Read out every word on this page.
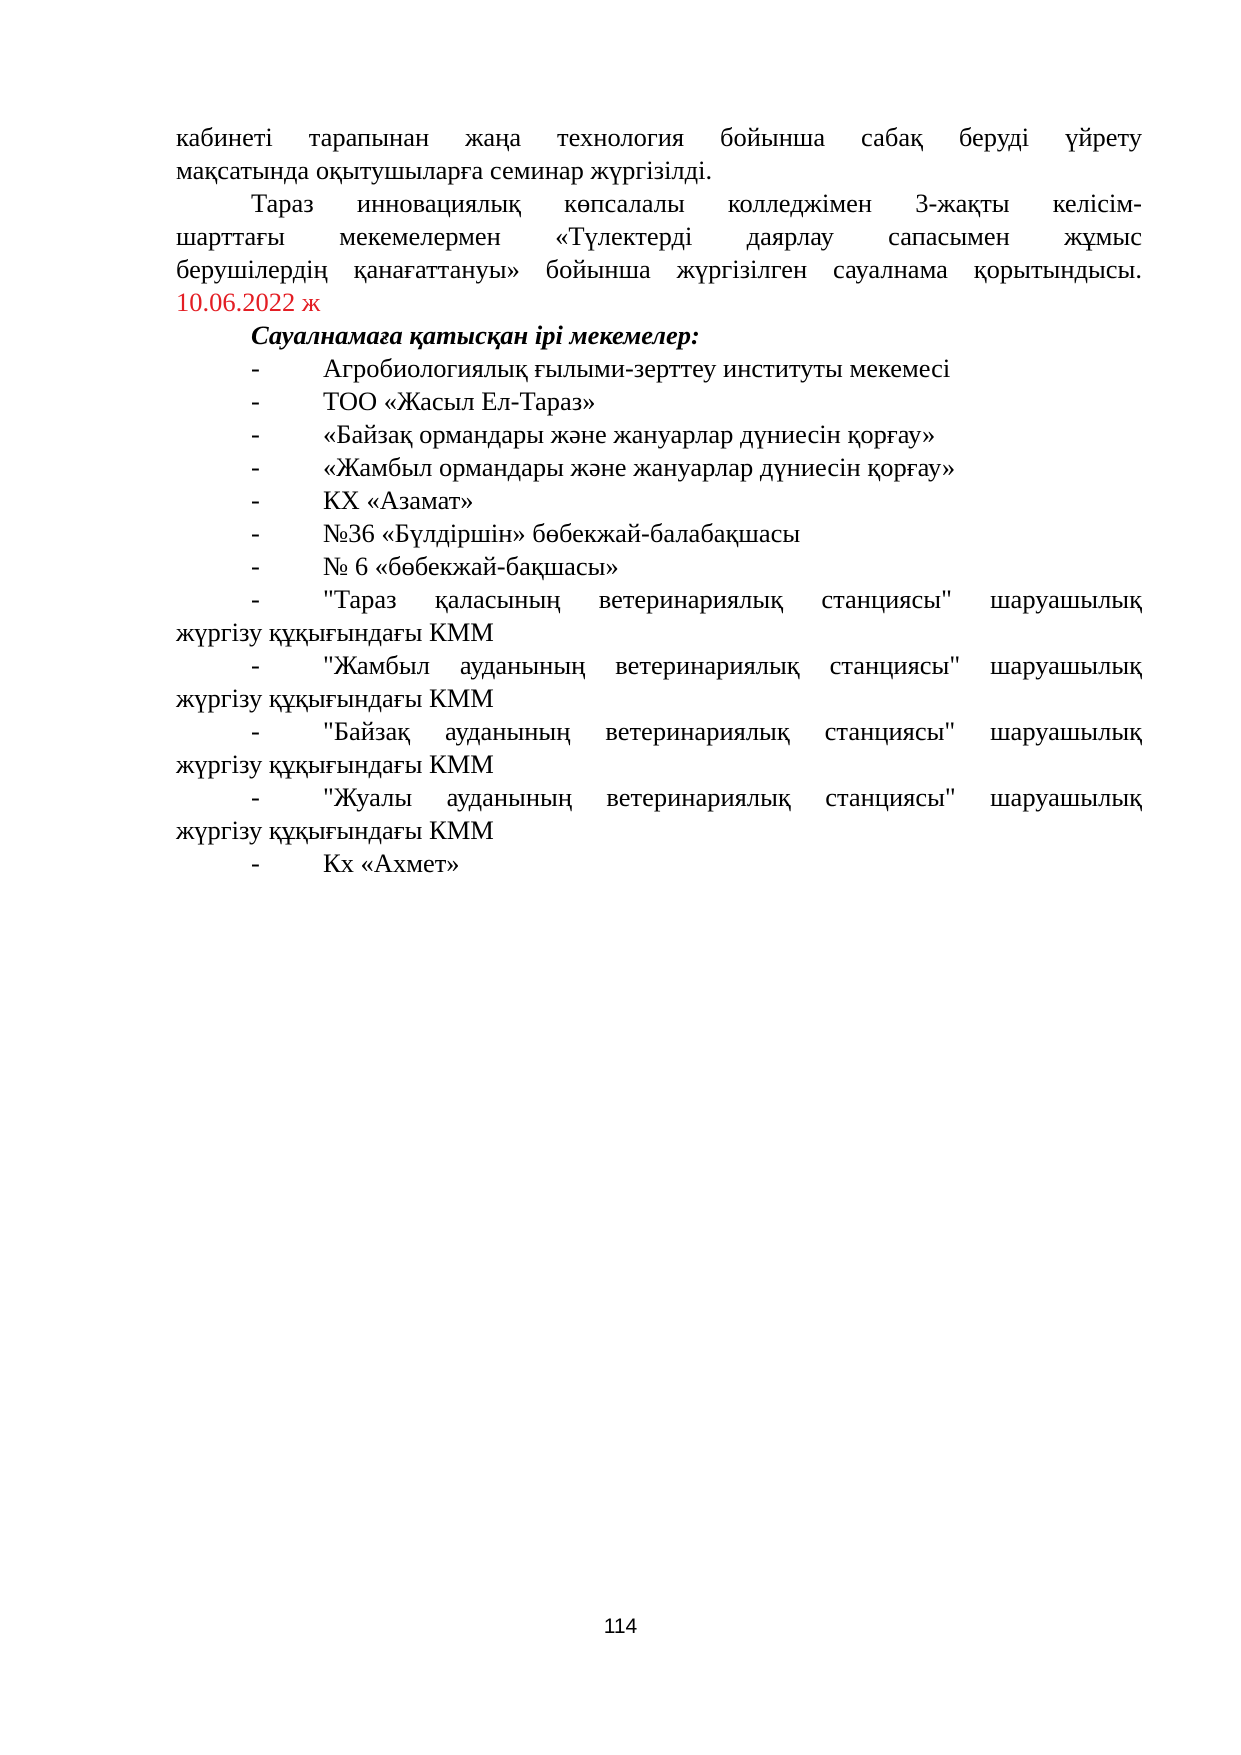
кабинеті тарапынан жаңа технология бойынша сабақ беруді үйрету

мақсатында оқытушыларға семинар жүргізілді.

Тараз инновациялық көпсалалы колледжімен 3-жақты келісім-

шарттағы мекемелермен «Түлектерді даярлау сапасымен жұмыс

берушілердің қанағаттануы» бойынша жүргізілген сауалнама қорытындысы.

10.06.2022 ж

Сауалнамаға қатысқан ірі мекемелер:

- Агробиологиялық ғылыми-зерттеу институты мекемесі
- ТОО «Жасыл Ел-Тараз»
- «Байзақ ормандары және жануарлар дүниесін қорғау»
- «Жамбыл ормандары және жануарлар дүниесін қорғау»
- КХ «Азамат»
- №36 «Бүлдіршін» бөбекжай-балабақшасы
- № 6 «бөбекжай-бақшасы»
- "Тараз қаласының ветеринариялық станциясы" шаруашылық
жүргізу құқығындағы КММ
- "Жамбыл ауданының ветеринариялық станциясы" шаруашылық
жүргізу құқығындағы КММ
- "Байзақ ауданының ветеринариялық станциясы" шаруашылық
жүргізу құқығындағы КММ
- "Жуалы ауданының ветеринариялық станциясы" шаруашылық
жүргізу құқығындағы КММ
- Кх «Ахмет»
114
